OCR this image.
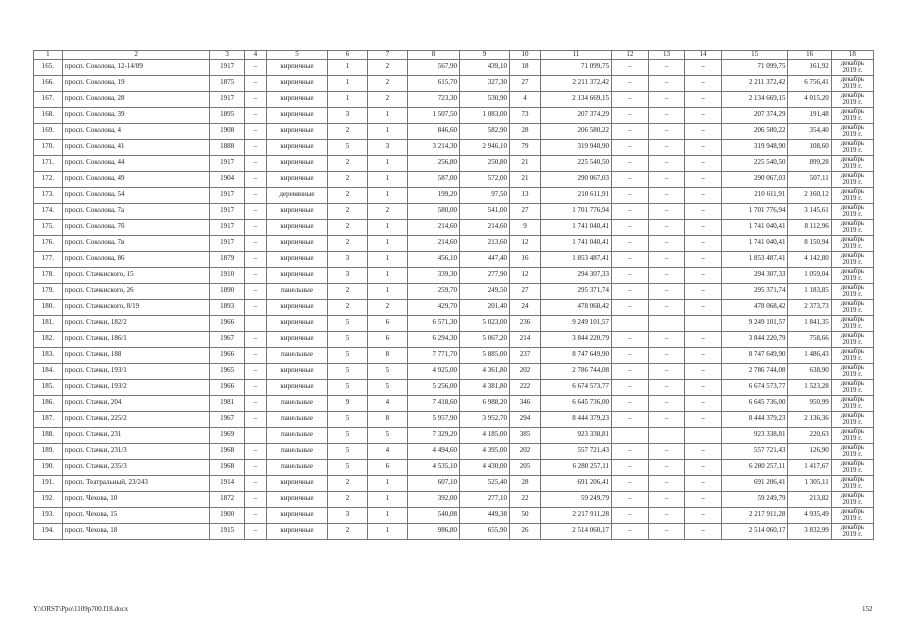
1	2	3	4	5	6	7	8	9	10	11	12	13	14	15	16	18
165.	просп. Соколова, 12-14/89	1917	–	кирпичные	1	2	567,90	439,10	18	71 099,75	–	–	–	71 099,75	161,92	декабрь 2019 г.
166.	просп. Соколова, 19	1875	–	кирпичные	1	2	615,70	327,30	27	2 211 372,42	–	–	–	2 211 372,42	6 756,41	декабрь 2019 г.
167.	просп. Соколова, 28	1917	–	кирпичные	1	2	723,30	530,90	4	2 134 669,15	–	–	–	2 134 669,15	4 015,20	декабрь 2019 г.
168.	просп. Соколова, 39	1895	–	кирпичные	3	1	1 507,50	1 083,00	73	207 374,29	–	–	–	207 374,29	191,48	декабрь 2019 г.
169.	просп. Соколова, 4	1908	–	кирпичные	2	1	846,60	582,90	28	206 580,22	–	–	–	206 580,22	354,40	декабрь 2019 г.
170.	просп. Соколова, 41	1888	–	кирпичные	5	3	3 214,30	2 946,10	79	319 948,90	–	–	–	319 948,90	108,60	декабрь 2019 г.
171.	просп. Соколова, 44	1917	–	кирпичные	2	1	256,80	250,80	21	225 540,50	–	–	–	225 540,50	899,28	декабрь 2019 г.
172.	просп. Соколова, 49	1904	–	кирпичные	2	1	587,00	572,00	21	290 067,03	–	–	–	290 067,03	507,11	декабрь 2019 г.
173.	просп. Соколова, 54	1917	–	деревянные	2	1	199,20	97,50	13	210 611,91	–	–	–	210 611,91	2 160,12	декабрь 2019 г.
174.	просп. Соколова, 7а	1917	–	кирпичные	2	2	580,00	541,00	27	1 701 776,94	–	–	–	1 701 776,94	3 145,61	декабрь 2019 г.
175.	просп. Соколова, 7б	1917	–	кирпичные	2	1	214,60	214,60	9	1 741 040,41	–	–	–	1 741 040,41	8 112,96	декабрь 2019 г.
176.	просп. Соколова, 7в	1917	–	кирпичные	2	1	214,60	213,60	12	1 741 040,41	–	–	–	1 741 040,41	8 150,94	декабрь 2019 г.
177.	просп. Соколова, 86	1879	–	кирпичные	3	1	456,10	447,40	16	1 853 487,41	–	–	–	1 853 487,41	4 142,80	декабрь 2019 г.
178.	просп. Стачкиского, 15	1910	–	кирпичные	3	1	339,30	277,90	12	294 307,33	–	–	–	294 307,33	1 059,04	декабрь 2019 г.
179.	просп. Стачкиского, 26	1890	–	панельные	2	1	259,70	249,50	27	295 371,74	–	–	–	295 371,74	1 183,85	декабрь 2019 г.
180.	просп. Стачкиского, 8/19	1893	–	кирпичные	2	2	429,70	201,40	24	478 068,42	–	–	–	478 068,42	2 373,73	декабрь 2019 г.
181.	просп. Стачки, 182/2	1966		кирпичные	5	6	6 571,30	5 023,00	236	9 249 101,57				9 249 101,57	1 841,35	декабрь 2019 г.
182.	просп. Стачки, 186/1	1967	–	кирпичные	5	6	6 294,30	5 067,20	214	3 844 220,79	–	–	–	3 844 220,79	758,66	декабрь 2019 г.
183.	просп. Стачки, 188	1966	–	панельные	5	8	7 771,70	5 885,00	237	8 747 649,90	–	–	–	8 747 649,90	1 486,43	декабрь 2019 г.
184.	просп. Стачки, 193/1	1965	–	кирпичные	5	5	4 925,00	4 361,80	202	2 786 744,08	–	–	–	2 786 744,08	638,90	декабрь 2019 г.
185.	просп. Стачки, 193/2	1966	–	кирпичные	5	5	5 256,00	4 381,80	222	6 674 573,77	–	–	–	6 674 573,77	1 523,28	декабрь 2019 г.
186.	просп. Стачки, 204	1981	–	панельные	9	4	7 418,60	6 988,20	346	6 645 736,00	–	–	–	6 645 736,00	950,99	декабрь 2019 г.
187.	просп. Стачки, 225/2	1967	–	панельные	5	8	5 957,90	3 952,70	294	8 444 379,23	–	–	–	8 444 379,23	2 136,36	декабрь 2019 г.
188.	просп. Стачки, 231	1969		панельные	5	5	7 329,20	4 185,00	385	923 338,81				923 338,81	220,63	декабрь 2019 г.
189.	просп. Стачки, 231/3	1968	–	панельные	5	4	4 494,60	4 395,00	202	557 721,43	–	–	–	557 721,43	126,90	декабрь 2019 г.
190.	просп. Стачки, 235/3	1968	–	панельные	5	6	4 535,10	4 430,00	205	6 280 257,11	–	–	–	6 280 257,11	1 417,67	декабрь 2019 г.
191.	просп. Театральный, 23/243	1914	–	кирпичные	2	1	607,10	525,40	28	691 206,41	–	–	–	691 206,41	1 305,11	декабрь 2019 г.
192.	просп. Чехова, 10	1872	–	кирпичные	2	1	392,00	277,10	22	59 249,79	–	–	–	59 249,79	213,82	декабрь 2019 г.
193.	просп. Чехова, 15	1900	–	кирпичные	3	1	540,08	449,38	50	2 217 911,28	–	–	–	2 217 911,28	4 935,49	декабрь 2019 г.
194.	просп. Чехова, 18	1915	–	кирпичные	2	1	986,80	655,90	26	2 514 060,17	–	–	–	2 514 060,17	3 832,99	декабрь 2019 г.
Y:\ORST\Ppo\1109p700.f18.docx	152
